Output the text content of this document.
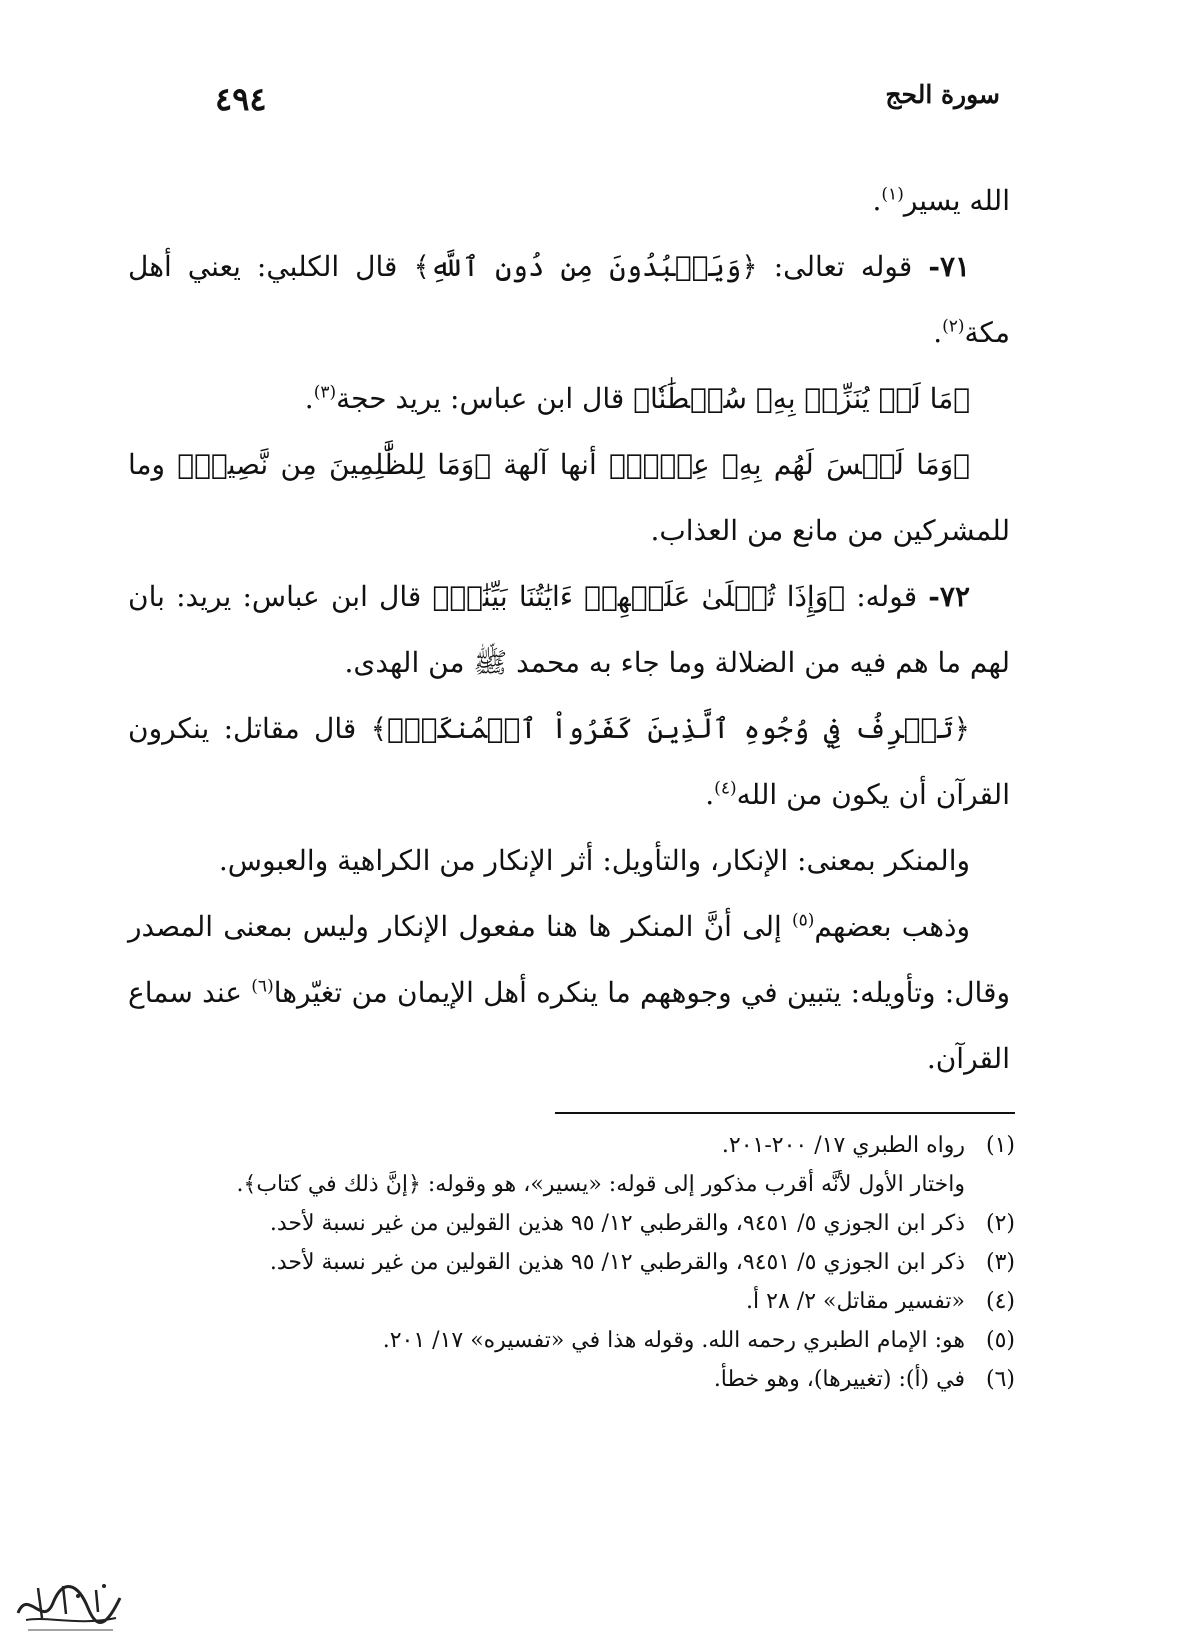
سورة الحج
٤٩٤

الله يسير$^{(١)}$.

٧١- قوله تعالى: ﴿وَيَعۡبُدُونَ مِن دُونِ ٱللَّهِ﴾ قال الكلبي: يعني أهل مكة$^{(٢)}$.

﴿مَا لَمۡ يُنَزِّلۡ بِهِۦ سُلۡطَٰنٗا﴾ قال ابن عباس: يريد حجة$^{(٣)}$.

﴿وَمَا لَيۡسَ لَهُم بِهِۦ عِلۡمٞ﴾ أنها آلهة ﴿وَمَا لِلظَّٰلِمِينَ مِن نَّصِيرٖ﴾ وما للمشركين من مانع من العذاب.

٧٢- قوله: ﴿وَإِذَا تُتۡلَىٰ عَلَيۡهِمۡ ءَايَٰتُنَا بَيِّنَٰتٖ﴾ قال ابن عباس: يريد: بان لهم ما هم فيه من الضلالة وما جاء به محمد ﷺ من الهدى.

﴿تَعۡرِفُ فِي وُجُوهِ ٱلَّذِينَ كَفَرُواْ ٱلۡمُنكَرَۖ﴾ قال مقاتل: ينكرون القرآن أن يكون من الله$^{(٤)}$.

والمنكر بمعنى: الإنكار، والتأويل: أثر الإنكار من الكراهية والعبوس.

وذهب بعضهم$^{(٥)}$ إلى أنَّ المنكر ها هنا مفعول الإنكار وليس بمعنى المصدر وقال: وتأويله: يتبين في وجوههم ما ينكره أهل الإيمان من تغيّرها$^{(٦)}$ عند سماع القرآن.

(١)رواه الطبري ١٧/ ٢٠٠-٢٠١.

واختار الأول لأنَّه أقرب مذكور إلى قوله: «يسير»، هو وقوله: ﴿إنَّ ذلك في كتاب﴾.

(٢)ذكر ابن الجوزي ٥/ ٩٤٥١، والقرطبي ١٢/ ٩٥ هذين القولين من غير نسبة لأحد.

(٣)ذكر ابن الجوزي ٥/ ٩٤٥١، والقرطبي ١٢/ ٩٥ هذين القولين من غير نسبة لأحد.

(٤)«تفسير مقاتل» ٢/ ٢٨ أ.

(٥)هو: الإمام الطبري رحمه الله. وقوله هذا في «تفسيره» ١٧/ ٢٠١.

(٦)في (أ): (تغييرها)، وهو خطأ.
